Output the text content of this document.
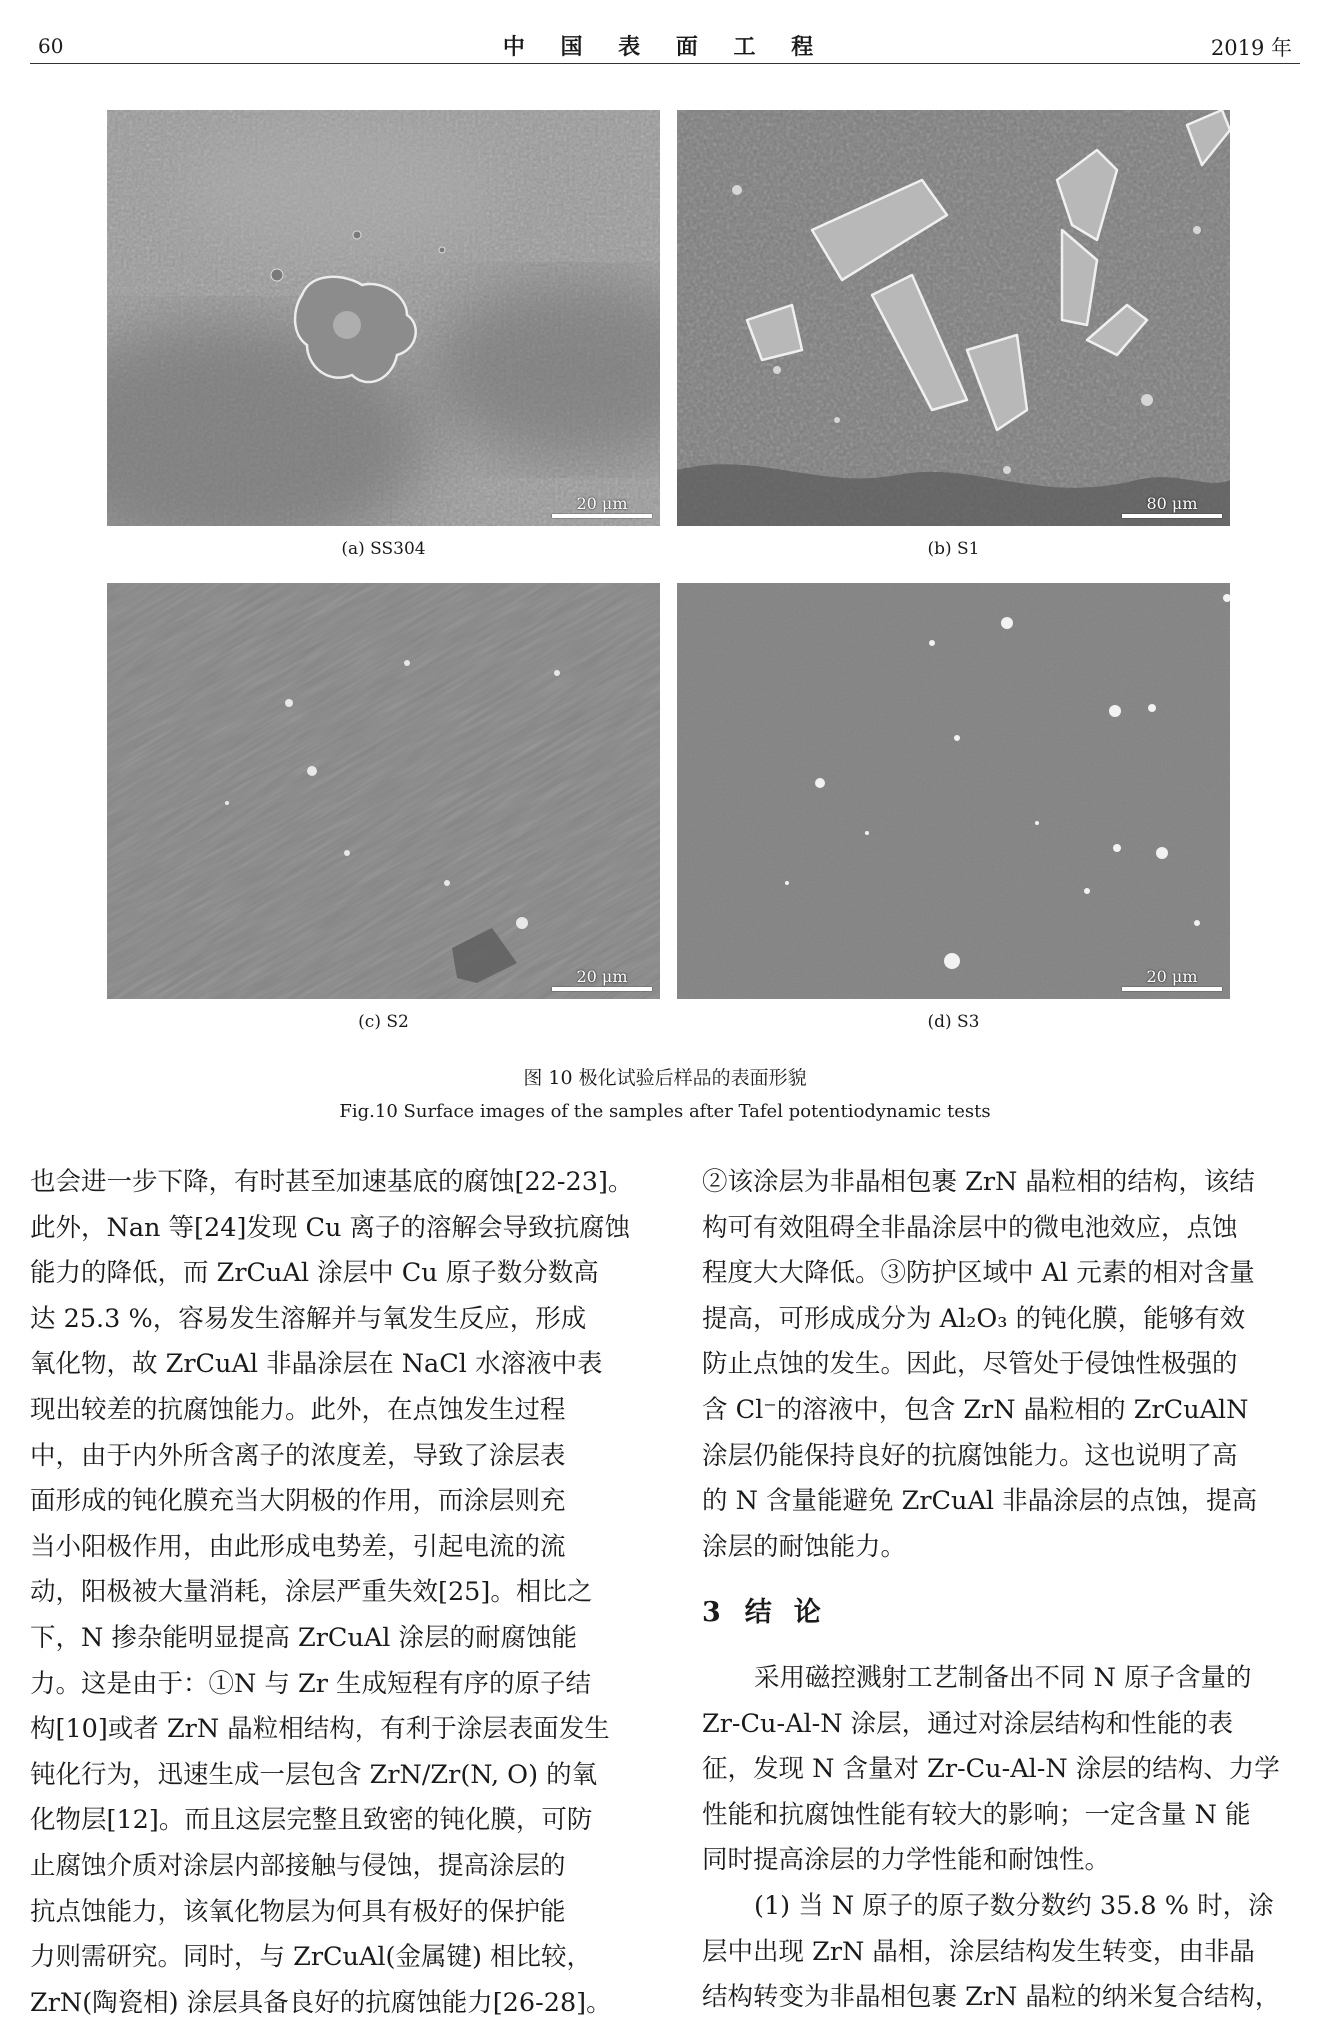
60	中 国 表 面 工 程	2019 年
20 μm
(a) SS304
80 μm
(b) S1
20 μm
(c) S2
20 μm
(d) S3
图 10 极化试验后样品的表面形貌
Fig.10 Surface images of the samples after Tafel potentiodynamic tests

也会进一步下降，有时甚至加速基底的腐蚀[22-23]。
此外，Nan 等[24]发现 Cu 离子的溶解会导致抗腐蚀
能力的降低，而 ZrCuAl 涂层中 Cu 原子数分数高
达 25.3 %，容易发生溶解并与氧发生反应，形成
氧化物，故 ZrCuAl 非晶涂层在 NaCl 水溶液中表
现出较差的抗腐蚀能力。此外，在点蚀发生过程
中，由于内外所含离子的浓度差，导致了涂层表
面形成的钝化膜充当大阴极的作用，而涂层则充
当小阳极作用，由此形成电势差，引起电流的流
动，阳极被大量消耗，涂层严重失效[25]。相比之
下，N 掺杂能明显提高 ZrCuAl 涂层的耐腐蚀能
力。这是由于：①N 与 Zr 生成短程有序的原子结
构[10]或者 ZrN 晶粒相结构，有利于涂层表面发生
钝化行为，迅速生成一层包含 ZrN/Zr(N, O) 的氧
化物层[12]。而且这层完整且致密的钝化膜，可防
止腐蚀介质对涂层内部接触与侵蚀，提高涂层的
抗点蚀能力，该氧化物层为何具有极好的保护能
力则需研究。同时，与 ZrCuAl(金属键) 相比较，
ZrN(陶瓷相) 涂层具备良好的抗腐蚀能力[26-28]。

②该涂层为非晶相包裹 ZrN 晶粒相的结构，该结
构可有效阻碍全非晶涂层中的微电池效应，点蚀
程度大大降低。③防护区域中 Al 元素的相对含量
提高，可形成成分为 Al₂O₃ 的钝化膜，能够有效
防止点蚀的发生。因此，尽管处于侵蚀性极强的
含 Cl⁻的溶液中，包含 ZrN 晶粒相的 ZrCuAlN
涂层仍能保持良好的抗腐蚀能力。这也说明了高
的 N 含量能避免 ZrCuAl 非晶涂层的点蚀，提高
涂层的耐蚀能力。

3 结论

采用磁控溅射工艺制备出不同 N 原子含量的
Zr-Cu-Al-N 涂层，通过对涂层结构和性能的表
征，发现 N 含量对 Zr-Cu-Al-N 涂层的结构、力学
性能和抗腐蚀性能有较大的影响；一定含量 N 能
同时提高涂层的力学性能和耐蚀性。

(1) 当 N 原子的原子数分数约 35.8 % 时，涂
层中出现 ZrN 晶相，涂层结构发生转变，由非晶
结构转变为非晶相包裹 ZrN 晶粒的纳米复合结构，
